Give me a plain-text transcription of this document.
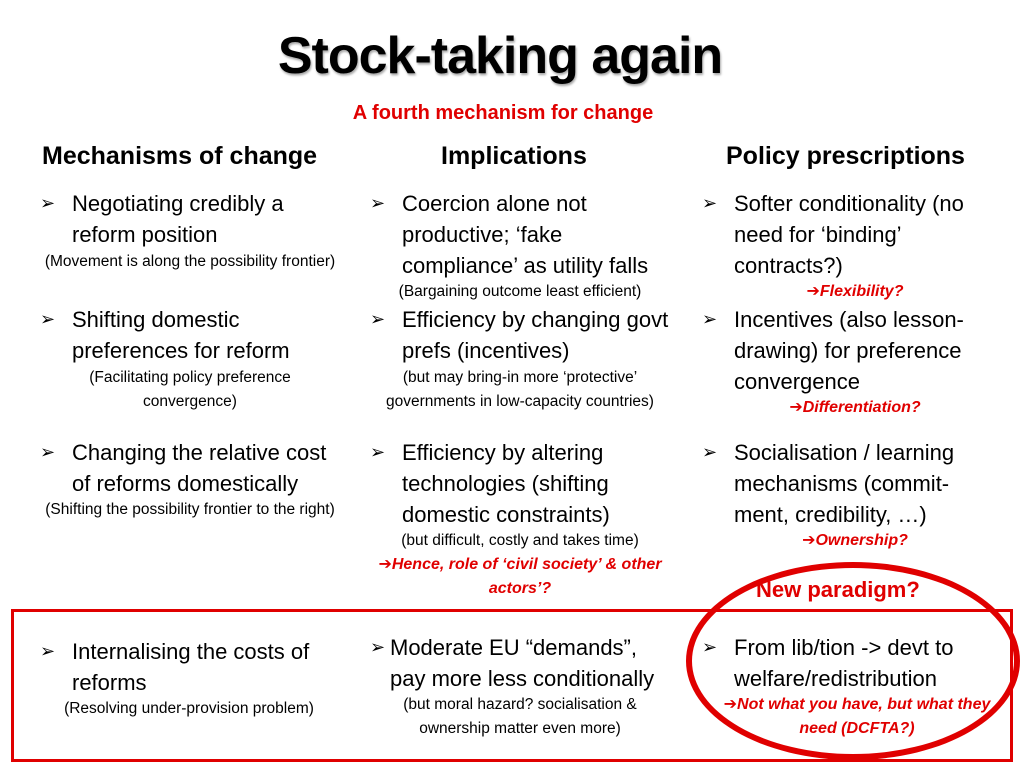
Stock-taking again
A fourth mechanism for change
Mechanisms of change	Implications	Policy prescriptions
➢ Negotiating credibly a reform position
(Movement is along the possibility frontier)
➢ Coercion alone not productive; ‘fake compliance’ as utility falls
(Bargaining outcome least efficient)
➢ Softer conditionality (no need for ‘binding’ contracts?)
➔Flexibility?
➢ Shifting domestic preferences for reform
(Facilitating policy preference convergence)
➢ Efficiency by changing govt prefs (incentives)
(but may bring-in more ‘protective’ governments in low-capacity countries)
➢ Incentives (also lesson-drawing) for preference convergence
➔Differentiation?
➢ Changing the relative cost of reforms domestically
(Shifting the possibility frontier to the right)
➢ Efficiency by altering technologies (shifting domestic constraints)
(but difficult, costly and takes time)
➔Hence, role of ‘civil society’ & other actors’?
➢ Socialisation / learning mechanisms (commit-ment, credibility, …)
➔Ownership?
New paradigm?
➢ Internalising the costs of reforms
(Resolving under-provision problem)
➢ Moderate EU “demands”, pay more less conditionally
(but moral hazard? socialisation & ownership matter even more)
➢ From lib/tion -> devt to welfare/redistribution
➔Not what you have, but what they need (DCFTA?)
